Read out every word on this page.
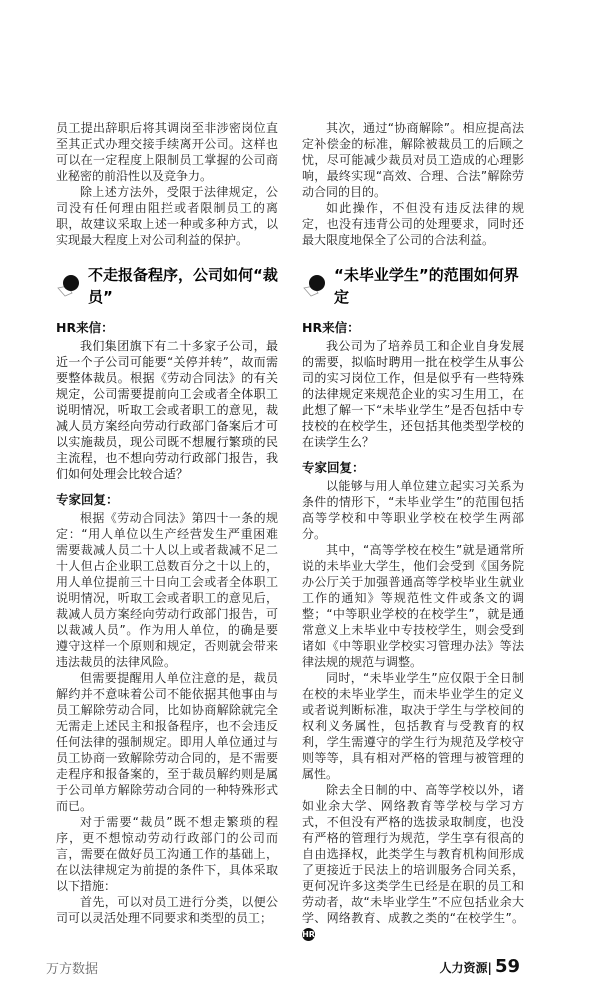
员工提出辞职后将其调岗至非涉密岗位直至其正式办理交接手续离开公司。这样也可以在一定程度上限制员工掌握的公司商业秘密的前沿性以及竞争力。

除上述方法外，受限于法律规定，公司没有任何理由阻拦或者限制员工的离职，故建议采取上述一种或多种方式，以实现最大程度上对公司利益的保护。

不走报备程序，公司如何“裁员”
HR来信：

我们集团旗下有二十多家子公司，最近一个子公司可能要“关停并转”，故而需要整体裁员。根据《劳动合同法》的有关规定，公司需要提前向工会或者全体职工说明情况，听取工会或者职工的意见，裁减人员方案经向劳动行政部门备案后才可以实施裁员，现公司既不想履行繁琐的民主流程，也不想向劳动行政部门报告，我们如何处理会比较合适？

专家回复：

根据《劳动合同法》第四十一条的规定：“用人单位以生产经营发生严重困难需要裁减人员二十人以上或者裁减不足二十人但占企业职工总数百分之十以上的，用人单位提前三十日向工会或者全体职工说明情况，听取工会或者职工的意见后，裁减人员方案经向劳动行政部门报告，可以裁减人员”。作为用人单位，的确是要遵守这样一个原则和规定，否则就会带来违法裁员的法律风险。

但需要提醒用人单位注意的是，裁员解约并不意味着公司不能依据其他事由与员工解除劳动合同，比如协商解除就完全无需走上述民主和报备程序，也不会违反任何法律的强制规定。即用人单位通过与员工协商一致解除劳动合同的，是不需要走程序和报备案的，至于裁员解约则是属于公司单方解除劳动合同的一种特殊形式而已。

对于需要“裁员”既不想走繁琐的程序，更不想惊动劳动行政部门的公司而言，需要在做好员工沟通工作的基础上，在以法律规定为前提的条件下，具体采取以下措施：

首先，可以对员工进行分类，以便公司可以灵活处理不同要求和类型的员工；

其次，通过“协商解除”。相应提高法定补偿金的标准，解除被裁员工的后顾之忧，尽可能减少裁员对员工造成的心理影响，最终实现“高效、合理、合法”解除劳动合同的目的。

如此操作，不但没有违反法律的规定，也没有违背公司的处理要求，同时还最大限度地保全了公司的合法利益。

“未毕业学生”的范围如何界定
HR来信：

我公司为了培养员工和企业自身发展的需要，拟临时聘用一批在校学生从事公司的实习岗位工作，但是似乎有一些特殊的法律规定来规范企业的实习生用工，在此想了解一下“未毕业学生”是否包括中专技校的在校学生，还包括其他类型学校的在读学生么？

专家回复：

以能够与用人单位建立起实习关系为条件的情形下，“未毕业学生”的范围包括高等学校和中等职业学校在校学生两部分。

其中，“高等学校在校生”就是通常所说的未毕业大学生，他们会受到《国务院办公厅关于加强普通高等学校毕业生就业工作的通知》等规范性文件或条文的调整；“中等职业学校的在校学生”，就是通常意义上未毕业中专技校学生，则会受到诸如《中等职业学校实习管理办法》等法律法规的规范与调整。

同时，“未毕业学生”应仅限于全日制在校的未毕业学生，而未毕业学生的定义或者说判断标准，取决于学生与学校间的权利义务属性，包括教育与受教育的权利，学生需遵守的学生行为规范及学校守则等等，具有相对严格的管理与被管理的属性。

除去全日制的中、高等学校以外，诸如业余大学、网络教育等学校与学习方式，不但没有严格的选拔录取制度，也没有严格的管理行为规范，学生享有很高的自由选择权，此类学生与教育机构间形成了更接近于民法上的培训服务合同关系，更何况许多这类学生已经是在职的员工和劳动者，故“未毕业学生”不应包括业余大学、网络教育、成教之类的“在校学生”。 HR

万方数据	人力资源| 59
